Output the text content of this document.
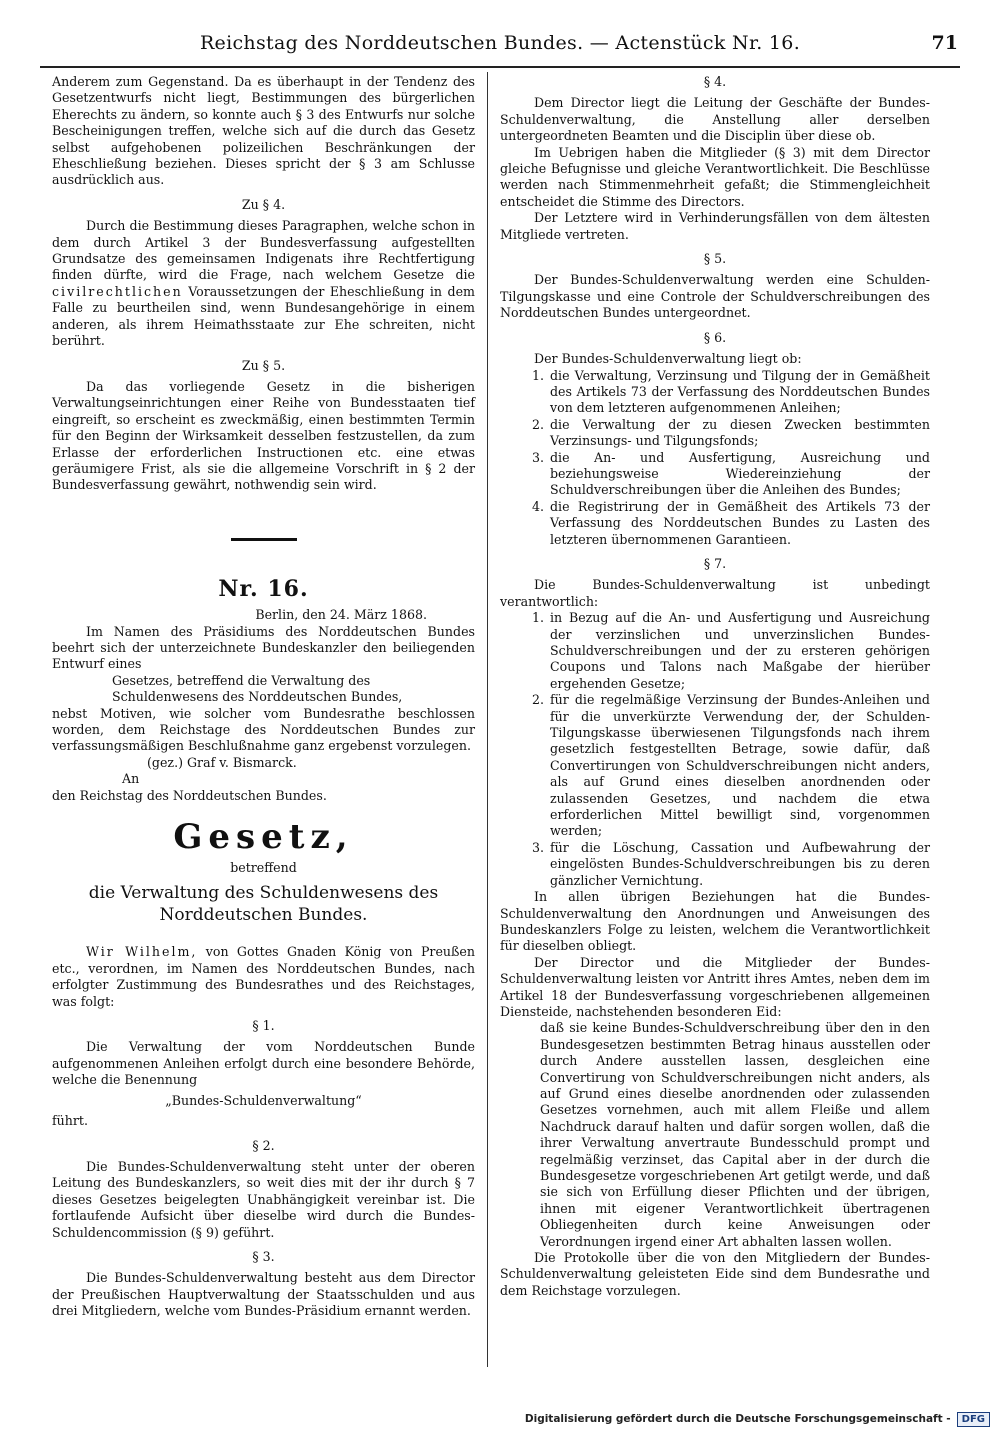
Reichstag des Norddeutschen Bundes. — Actenstück Nr. 16.	71

Anderem zum Gegenstand. Da es überhaupt in der Tendenz des Gesetzentwurfs nicht liegt, Bestimmungen des bürgerlichen Eherechts zu ändern, so konnte auch § 3 des Entwurfs nur solche Bescheinigungen treffen, welche sich auf die durch das Gesetz selbst aufgehobenen polizeilichen Beschränkungen der Eheschließung beziehen. Dieses spricht der § 3 am Schlusse ausdrücklich aus.

Zu § 4.

Durch die Bestimmung dieses Paragraphen, welche schon in dem durch Artikel 3 der Bundesverfassung aufgestellten Grundsatze des gemeinsamen Indigenats ihre Rechtfertigung finden dürfte, wird die Frage, nach welchem Gesetze die civilrechtlichen Voraussetzungen der Eheschließung in dem Falle zu beurtheilen sind, wenn Bundesangehörige in einem anderen, als ihrem Heimathsstaate zur Ehe schreiten, nicht berührt.

Zu § 5.

Da das vorliegende Gesetz in die bisherigen Verwaltungseinrichtungen einer Reihe von Bundesstaaten tief eingreift, so erscheint es zweckmäßig, einen bestimmten Termin für den Beginn der Wirksamkeit desselben festzustellen, da zum Erlasse der erforderlichen Instructionen etc. eine etwas geräumigere Frist, als sie die allgemeine Vorschrift in § 2 der Bundesverfassung gewährt, nothwendig sein wird.

Nr. 16.

Berlin, den 24. März 1868.

Im Namen des Präsidiums des Norddeutschen Bundes beehrt sich der unterzeichnete Bundeskanzler den beiliegenden Entwurf eines

Gesetzes, betreffend die Verwaltung des Schuldenwesens des Norddeutschen Bundes,

nebst Motiven, wie solcher vom Bundesrathe beschlossen worden, dem Reichstage des Norddeutschen Bundes zur verfassungsmäßigen Beschlußnahme ganz ergebenst vorzulegen.

(gez.) Graf v. Bismarck.

An

den Reichstag des Norddeutschen Bundes.

Gesetz,

betreffend

die Verwaltung des Schuldenwesens des Norddeutschen Bundes.

Wir Wilhelm, von Gottes Gnaden König von Preußen etc., verordnen, im Namen des Norddeutschen Bundes, nach erfolgter Zustimmung des Bundesrathes und des Reichstages, was folgt:

§ 1.

Die Verwaltung der vom Norddeutschen Bunde aufgenommenen Anleihen erfolgt durch eine besondere Behörde, welche die Benennung

„Bundes-Schuldenverwaltung“

führt.

§ 2.

Die Bundes-Schuldenverwaltung steht unter der oberen Leitung des Bundeskanzlers, so weit dies mit der ihr durch § 7 dieses Gesetzes beigelegten Unabhängigkeit vereinbar ist. Die fortlaufende Aufsicht über dieselbe wird durch die Bundes-Schuldencommission (§ 9) geführt.

§ 3.

Die Bundes-Schuldenverwaltung besteht aus dem Director der Preußischen Hauptverwaltung der Staatsschulden und aus drei Mitgliedern, welche vom Bundes-Präsidium ernannt werden.

§ 4.

Dem Director liegt die Leitung der Geschäfte der Bundes-Schuldenverwaltung, die Anstellung aller derselben untergeordneten Beamten und die Disciplin über diese ob.

Im Uebrigen haben die Mitglieder (§ 3) mit dem Director gleiche Befugnisse und gleiche Verantwortlichkeit. Die Beschlüsse werden nach Stimmenmehrheit gefaßt; die Stimmengleichheit entscheidet die Stimme des Directors.

Der Letztere wird in Verhinderungsfällen von dem ältesten Mitgliede vertreten.

§ 5.

Der Bundes-Schuldenverwaltung werden eine Schulden-Tilgungskasse und eine Controle der Schuldverschreibungen des Norddeutschen Bundes untergeordnet.

§ 6.

Der Bundes-Schuldenverwaltung liegt ob:

1. die Verwaltung, Verzinsung und Tilgung der in Gemäßheit des Artikels 73 der Verfassung des Norddeutschen Bundes von dem letzteren aufgenommenen Anleihen;
2. die Verwaltung der zu diesen Zwecken bestimmten Verzinsungs- und Tilgungsfonds;
3. die An- und Ausfertigung, Ausreichung und beziehungsweise Wiedereinziehung der Schuldverschreibungen über die Anleihen des Bundes;
4. die Registrirung der in Gemäßheit des Artikels 73 der Verfassung des Norddeutschen Bundes zu Lasten des letzteren übernommenen Garantieen.

§ 7.

Die Bundes-Schuldenverwaltung ist unbedingt verantwortlich:

1. in Bezug auf die An- und Ausfertigung und Ausreichung der verzinslichen und unverzinslichen Bundes-Schuldverschreibungen und der zu ersteren gehörigen Coupons und Talons nach Maßgabe der hierüber ergehenden Gesetze;
2. für die regelmäßige Verzinsung der Bundes-Anleihen und für die unverkürzte Verwendung der, der Schulden-Tilgungskasse überwiesenen Tilgungsfonds nach ihrem gesetzlich festgestellten Betrage, sowie dafür, daß Convertirungen von Schuldverschreibungen nicht anders, als auf Grund eines dieselben anordnenden oder zulassenden Gesetzes, und nachdem die etwa erforderlichen Mittel bewilligt sind, vorgenommen werden;
3. für die Löschung, Cassation und Aufbewahrung der eingelösten Bundes-Schuldverschreibungen bis zu deren gänzlicher Vernichtung.

In allen übrigen Beziehungen hat die Bundes-Schuldenverwaltung den Anordnungen und Anweisungen des Bundeskanzlers Folge zu leisten, welchem die Verantwortlichkeit für dieselben obliegt.

Der Director und die Mitglieder der Bundes-Schuldenverwaltung leisten vor Antritt ihres Amtes, neben dem im Artikel 18 der Bundesverfassung vorgeschriebenen allgemeinen Diensteide, nachstehenden besonderen Eid:

daß sie keine Bundes-Schuldverschreibung über den in den Bundesgesetzen bestimmten Betrag hinaus ausstellen oder durch Andere ausstellen lassen, desgleichen eine Convertirung von Schuldverschreibungen nicht anders, als auf Grund eines dieselbe anordnenden oder zulassenden Gesetzes vornehmen, auch mit allem Fleiße und allem Nachdruck darauf halten und dafür sorgen wollen, daß die ihrer Verwaltung anvertraute Bundesschuld prompt und regelmäßig verzinset, das Capital aber in der durch die Bundesgesetze vorgeschriebenen Art getilgt werde, und daß sie sich von Erfüllung dieser Pflichten und der übrigen, ihnen mit eigener Verantwortlichkeit übertragenen Obliegenheiten durch keine Anweisungen oder Verordnungen irgend einer Art abhalten lassen wollen.

Die Protokolle über die von den Mitgliedern der Bundes-Schuldenverwaltung geleisteten Eide sind dem Bundesrathe und dem Reichstage vorzulegen.

Digitalisierung gefördert durch die Deutsche Forschungsgemeinschaft -	DFG
